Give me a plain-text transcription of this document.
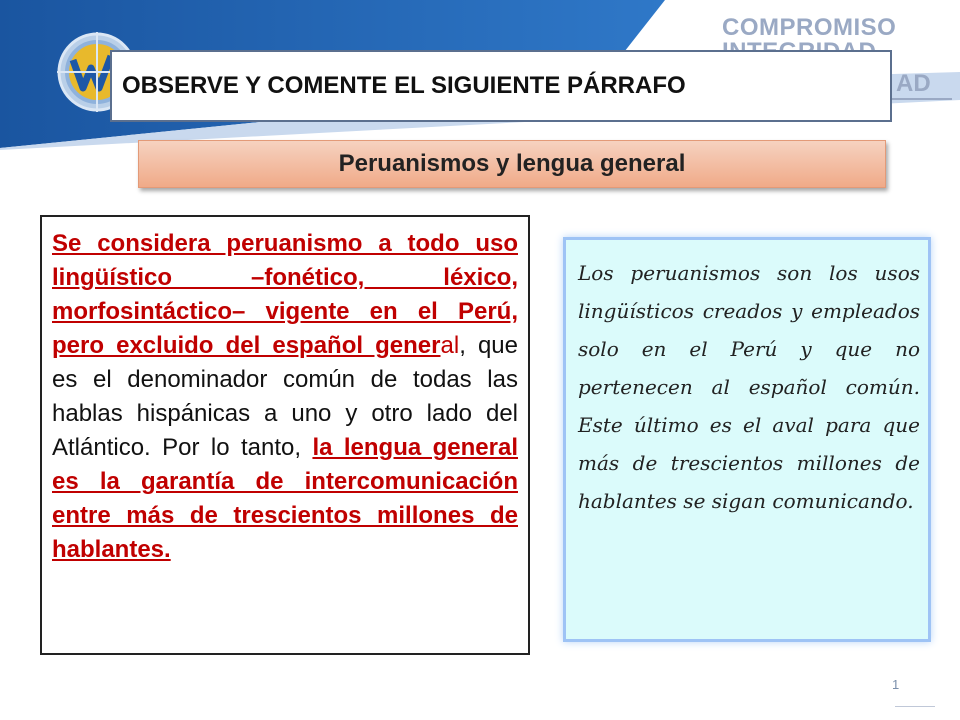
COMPROMISO
AD
OBSERVE Y COMENTE EL SIGUIENTE PÁRRAFO
Peruanismos y lengua general

Se considera peruanismo a todo uso lingüístico –fonético, léxico, morfosintáctico– vigente en el Perú, pero excluido del español general, que es el denominador común de todas las hablas hispánicas a uno y otro lado del Atlántico. Por lo tanto, la lengua general es la garantía de intercomunicación entre más de trescientos millones de hablantes.

Los peruanismos son los usos lingüísticos creados y empleados solo en el Perú y que no pertenecen al español común. Este último es el aval para que más de trescientos millones de hablantes se sigan comunicando.

1
